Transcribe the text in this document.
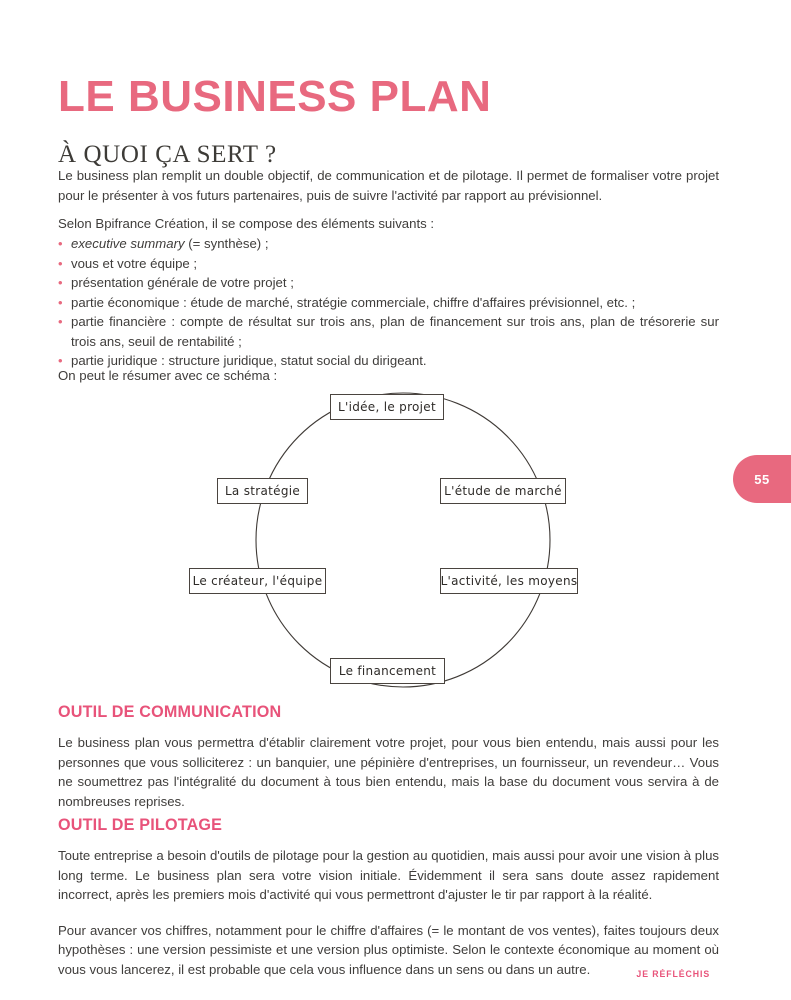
LE BUSINESS PLAN
À QUOI ÇA SERT ?

Le business plan remplit un double objectif, de communication et de pilotage. Il permet de formaliser votre projet pour le présenter à vos futurs partenaires, puis de suivre l'activité par rapport au prévisionnel.

Selon Bpifrance Création, il se compose des éléments suivants :

• executive summary (= synthèse) ;
• vous et votre équipe ;
• présentation générale de votre projet ;
• partie économique : étude de marché, stratégie commerciale, chiffre d'affaires prévisionnel, etc. ;
• partie financière : compte de résultat sur trois ans, plan de financement sur trois ans, plan de trésorerie sur trois ans, seuil de rentabilité ;
• partie juridique : structure juridique, statut social du dirigeant.

On peut le résumer avec ce schéma :

L'idée, le projet
L'étude de marché
L'activité, les moyens
Le financement
Le créateur, l'équipe
La stratégie
OUTIL DE COMMUNICATION

Le business plan vous permettra d'établir clairement votre projet, pour vous bien entendu, mais aussi pour les personnes que vous solliciterez : un banquier, une pépinière d'entreprises, un fournisseur, un revendeur… Vous ne soumettrez pas l'intégralité du document à tous bien entendu, mais la base du document vous servira à de nombreuses reprises.

OUTIL DE PILOTAGE

Toute entreprise a besoin d'outils de pilotage pour la gestion au quotidien, mais aussi pour avoir une vision à plus long terme. Le business plan sera votre vision initiale. Évidemment il sera sans doute assez rapidement incorrect, après les premiers mois d'activité qui vous permettront d'ajuster le tir par rapport à la réalité.

Pour avancer vos chiffres, notamment pour le chiffre d'affaires (= le montant de vos ventes), faites toujours deux hypothèses : une version pessimiste et une version plus optimiste. Selon le contexte économique au moment où vous vous lancerez, il est probable que cela vous influence dans un sens ou dans un autre.

55
JE RÉFLÉCHIS
